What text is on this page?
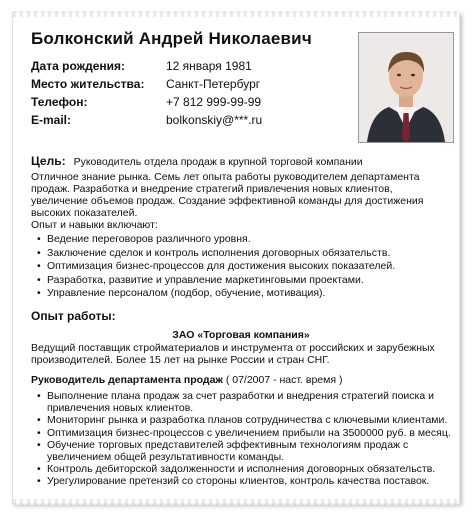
Болконский Андрей Николаевич
Дата рождения:	12 января 1981
Место жительства:	Санкт-Петербург
Телефон:	+7 812 999-99-99
E-mail:	bolkonskiy@***.ru
Цель: Руководитель отдела продаж в крупной торговой компании

Отличное знание рынка. Семь лет опыта работы руководителем департамента продаж. Разработка и внедрение стратегий привлечения новых клиентов, увеличение объемов продаж. Создание эффективной команды для достижения высоких показателей.

Опыт и навыки включают:

• Ведение переговоров различного уровня.
• Заключение сделок и контроль исполнения договорных обязательств.
• Оптимизация бизнес-процессов для достижения высоких показателей.
• Разработка, развитие и управление маркетинговыми проектами.
• Управление персоналом (подбор, обучение, мотивация).
Опыт работы:
ЗАО «Торговая компания»
Ведущий поставщик стройматериалов и инструмента от российских и зарубежных производителей. Более 15 лет на рынке России и стран СНГ.
Руководитель департамента продаж ( 07/2007 - наст. время )
• Выполнение плана продаж за счет разработки и внедрения стратегий поиска и привлечения новых клиентов.
• Мониторинг рынка и разработка планов сотрудничества с ключевыми клиентами.
• Оптимизация бизнес-процессов с увеличением прибыли на 3500000 руб. в месяц.
• Обучение торговых представителей эффективным технологиям продаж с увеличением общей результативности команды.
• Контроль дебиторской задолженности и исполнения договорных обязательств.
• Урегулирование претензий со стороны клиентов, контроль качества поставок.
